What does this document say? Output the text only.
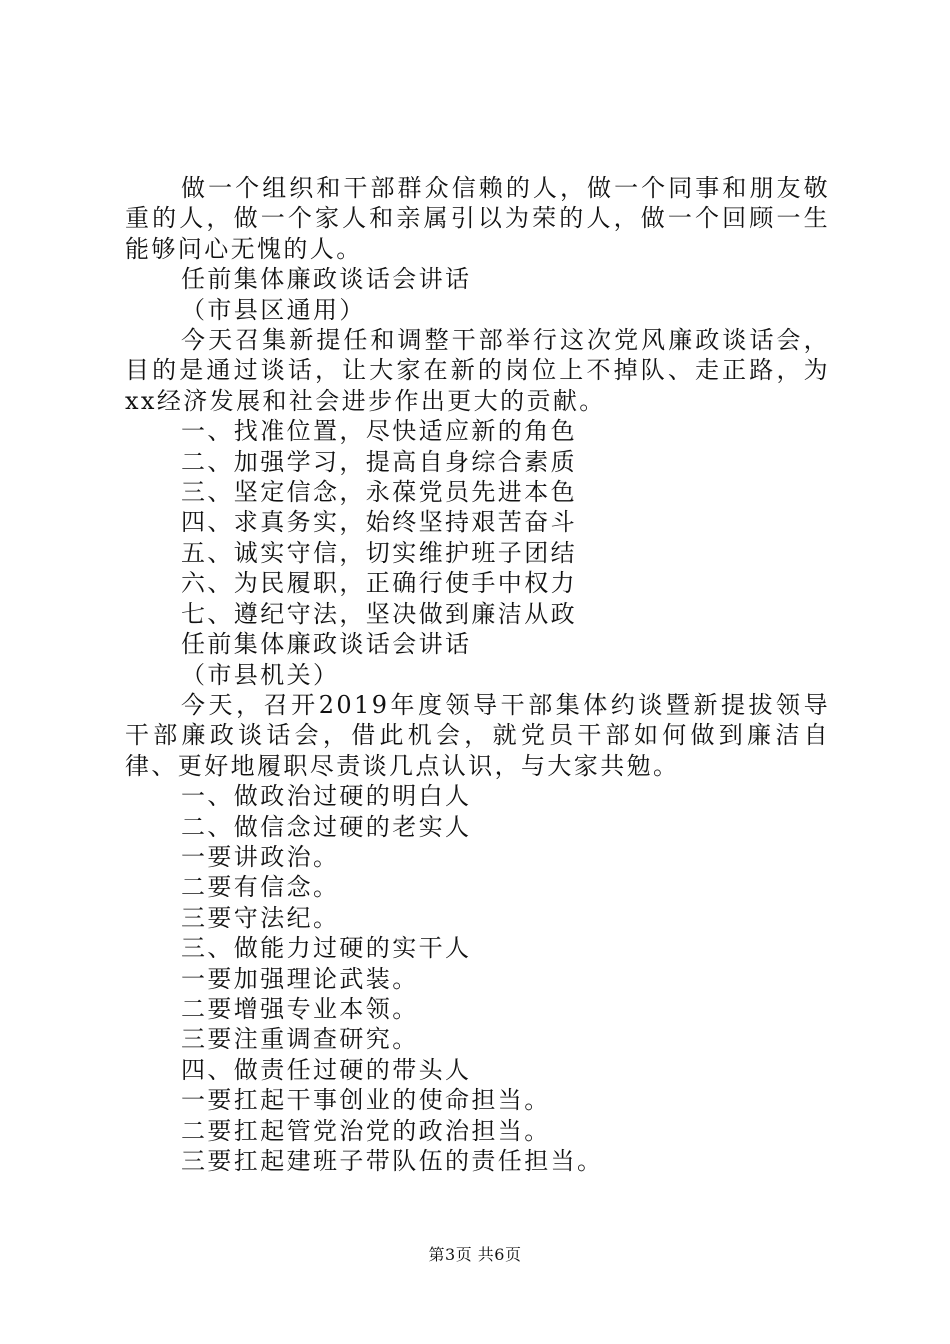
做一个组织和干部群众信赖的人，做一个同事和朋友敬重的人，做一个家人和亲属引以为荣的人，做一个回顾一生能够问心无愧的人。

任前集体廉政谈话会讲话

（市县区通用）

今天召集新提任和调整干部举行这次党风廉政谈话会，目的是通过谈话，让大家在新的岗位上不掉队、走正路，为xx经济发展和社会进步作出更大的贡献。

一、找准位置，尽快适应新的角色

二、加强学习，提高自身综合素质

三、坚定信念，永葆党员先进本色

四、求真务实，始终坚持艰苦奋斗

五、诚实守信，切实维护班子团结

六、为民履职，正确行使手中权力

七、遵纪守法，坚决做到廉洁从政

任前集体廉政谈话会讲话

（市县机关）

今天，召开2019年度领导干部集体约谈暨新提拔领导干部廉政谈话会，借此机会，就党员干部如何做到廉洁自律、更好地履职尽责谈几点认识，与大家共勉。

一、做政治过硬的明白人

二、做信念过硬的老实人

一要讲政治。

二要有信念。

三要守法纪。

三、做能力过硬的实干人

一要加强理论武装。

二要增强专业本领。

三要注重调查研究。

四、做责任过硬的带头人

一要扛起干事创业的使命担当。

二要扛起管党治党的政治担当。

三要扛起建班子带队伍的责任担当。

第3页 共6页
